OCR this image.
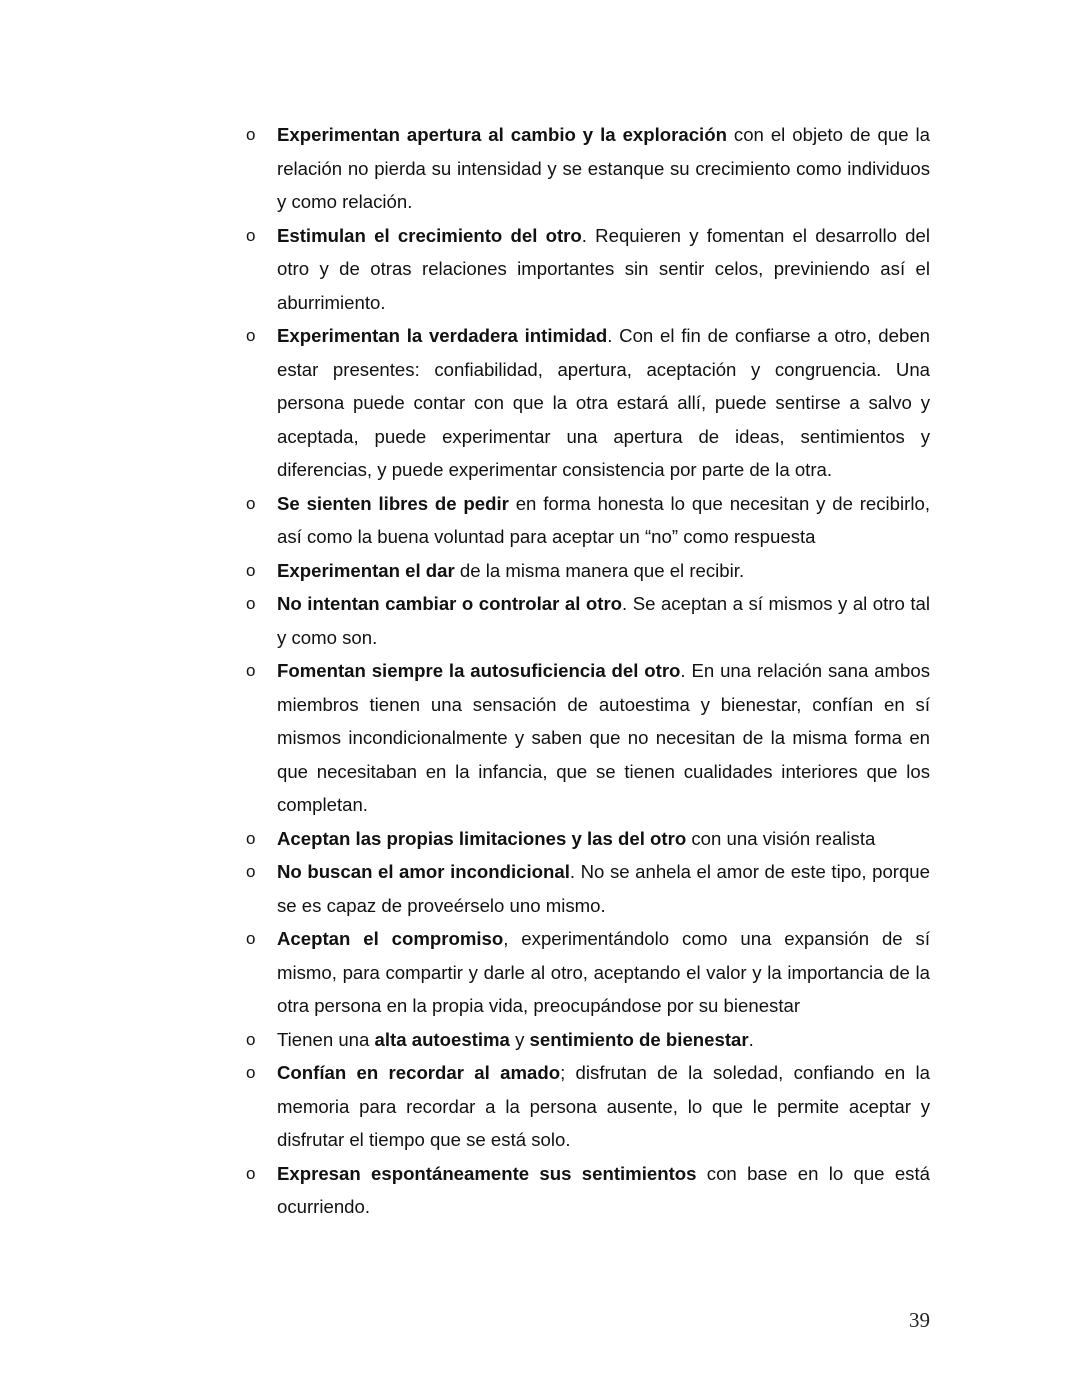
o Experimentan apertura al cambio y la exploración con el objeto de que la relación no pierda su intensidad y se estanque su crecimiento como individuos y como relación.
o Estimulan el crecimiento del otro. Requieren y fomentan el desarrollo del otro y de otras relaciones importantes sin sentir celos, previniendo así el aburrimiento.
o Experimentan la verdadera intimidad. Con el fin de confiarse a otro, deben estar presentes: confiabilidad, apertura, aceptación y congruencia. Una persona puede contar con que la otra estará allí, puede sentirse a salvo y aceptada, puede experimentar una apertura de ideas, sentimientos y diferencias, y puede experimentar consistencia por parte de la otra.
o Se sienten libres de pedir en forma honesta lo que necesitan y de recibirlo, así como la buena voluntad para aceptar un “no” como respuesta
o Experimentan el dar de la misma manera que el recibir.
o No intentan cambiar o controlar al otro. Se aceptan a sí mismos y al otro tal y como son.
o Fomentan siempre la autosuficiencia del otro. En una relación sana ambos miembros tienen una sensación de autoestima y bienestar, confían en sí mismos incondicionalmente y saben que no necesitan de la misma forma en que necesitaban en la infancia, que se tienen cualidades interiores que los completan.
o Aceptan las propias limitaciones y las del otro con una visión realista
o No buscan el amor incondicional. No se anhela el amor de este tipo, porque se es capaz de proveérselo uno mismo.
o Aceptan el compromiso, experimentándolo como una expansión de sí mismo, para compartir y darle al otro, aceptando el valor y la importancia de la otra persona en la propia vida, preocupándose por su bienestar
o Tienen una alta autoestima y sentimiento de bienestar.
o Confían en recordar al amado; disfrutan de la soledad, confiando en la memoria para recordar a la persona ausente, lo que le permite aceptar y disfrutar el tiempo que se está solo.
o Expresan espontáneamente sus sentimientos con base en lo que está ocurriendo.
39
